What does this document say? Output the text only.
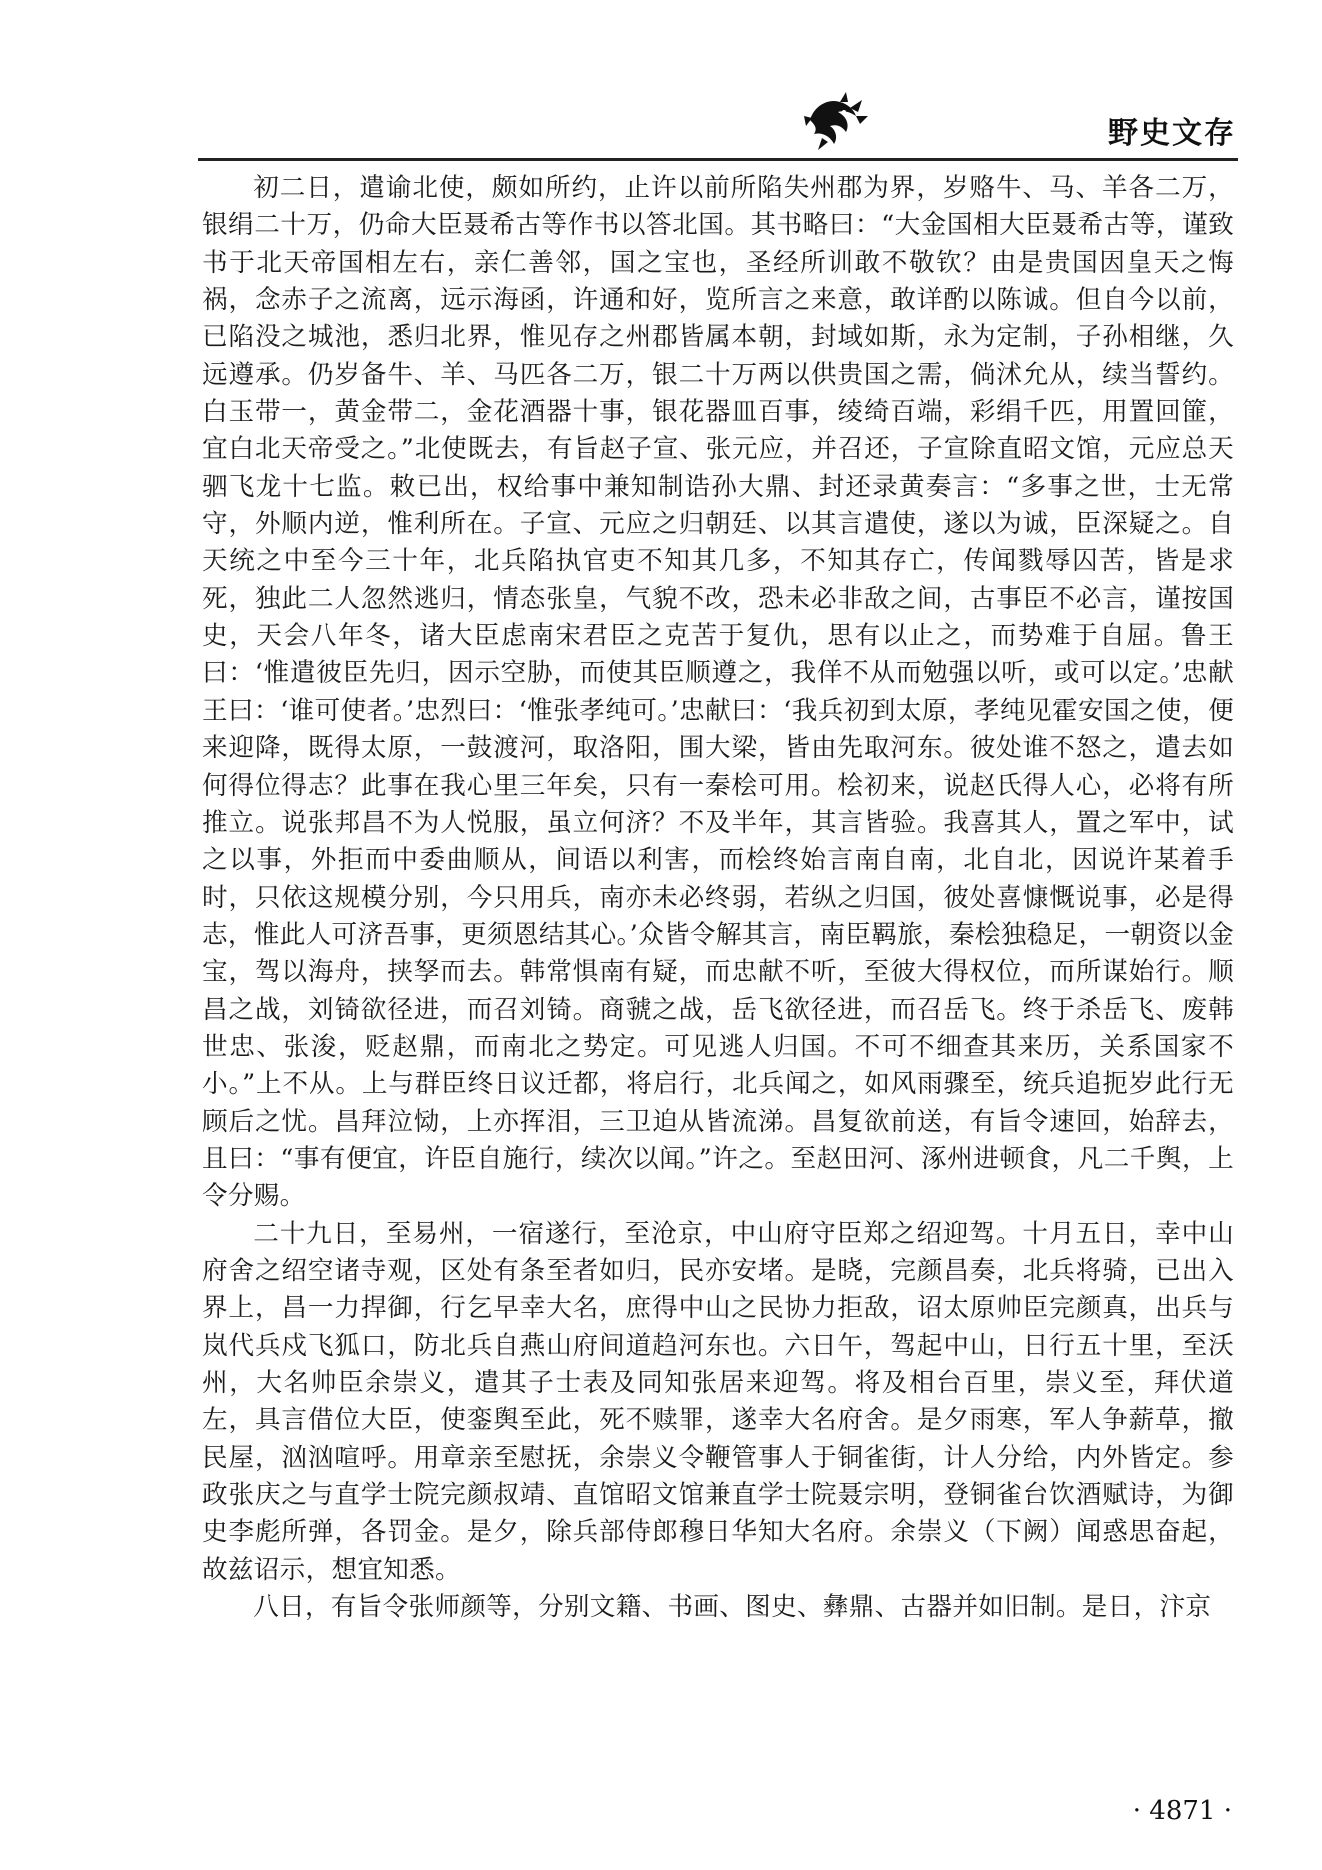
野史文存

初二日，遣谕北使，颇如所约，止许以前所陷失州郡为界，岁赂牛、马、羊各二万，银绢二十万，仍命大臣聂希古等作书以答北国。其书略曰：“大金国相大臣聂希古等，谨致书于北天帝国相左右，亲仁善邻，国之宝也，圣经所训敢不敬钦？由是贵国因皇天之悔祸，念赤子之流离，远示海函，许通和好，览所言之来意，敢详酌以陈诚。但自今以前，已陷没之城池，悉归北界，惟见存之州郡皆属本朝，封域如斯，永为定制，子孙相继，久远遵承。仍岁备牛、羊、马匹各二万，银二十万两以供贵国之需，倘沭允从，续当誓约。白玉带一，黄金带二，金花酒器十事，银花器皿百事，绫绮百端，彩绢千匹，用置回篚，宜白北天帝受之。”北使既去，有旨赵子宣、张元应，并召还，子宣除直昭文馆，元应总天驷飞龙十七监。敕已出，权给事中兼知制诰孙大鼎、封还录黄奏言：“多事之世，士无常守，外顺内逆，惟利所在。子宣、元应之归朝廷、以其言遣使，遂以为诚，臣深疑之。自天统之中至今三十年，北兵陷执官吏不知其几多，不知其存亡，传闻戮辱囚苦，皆是求死，独此二人忽然逃归，情态张皇，气貌不改，恐未必非敌之间，古事臣不必言，谨按国史，天会八年冬，诸大臣虑南宋君臣之克苦于复仇，思有以止之，而势难于自屈。鲁王曰：‘惟遣彼臣先归，因示空胁，而使其臣顺遵之，我佯不从而勉强以听，或可以定。’忠献王曰：‘谁可使者。’忠烈曰：‘惟张孝纯可。’忠献曰：‘我兵初到太原，孝纯见霍安国之使，便来迎降，既得太原，一鼓渡河，取洛阳，围大梁，皆由先取河东。彼处谁不怒之，遣去如何得位得志？此事在我心里三年矣，只有一秦桧可用。桧初来，说赵氏得人心，必将有所推立。说张邦昌不为人悦服，虽立何济？不及半年，其言皆验。我喜其人，置之军中，试之以事，外拒而中委曲顺从，间语以利害，而桧终始言南自南，北自北，因说许某着手时，只依这规模分别，今只用兵，南亦未必终弱，若纵之归国，彼处喜慷慨说事，必是得志，惟此人可济吾事，更须恩结其心。’众皆令解其言，南臣羁旅，秦桧独稳足，一朝资以金宝，驾以海舟，挟孥而去。韩常惧南有疑，而忠献不听，至彼大得权位，而所谋始行。顺昌之战，刘锜欲径进，而召刘锜。商虢之战，岳飞欲径进，而召岳飞。终于杀岳飞、废韩世忠、张浚，贬赵鼎，而南北之势定。可见逃人归国。不可不细查其来历，关系国家不小。”上不从。上与群臣终日议迁都，将启行，北兵闻之，如风雨骤至，统兵追扼岁此行无顾后之忧。昌拜泣恸，上亦挥泪，三卫迫从皆流涕。昌复欲前送，有旨令速回，始辞去，且曰：“事有便宜，许臣自施行，续次以闻。”许之。至赵田河、涿州进顿食，凡二千舆，上令分赐。

二十九日，至易州，一宿遂行，至沧京，中山府守臣郑之绍迎驾。十月五日，幸中山府舍之绍空诸寺观，区处有条至者如归，民亦安堵。是晓，完颜昌奏，北兵将骑，已出入界上，昌一力捍御，行乞早幸大名，庶得中山之民协力拒敌，诏太原帅臣完颜真，出兵与岚代兵戍飞狐口，防北兵自燕山府间道趋河东也。六日午，驾起中山，日行五十里，至沃州，大名帅臣余崇义，遣其子士表及同知张居来迎驾。将及相台百里，崇义至，拜伏道左，具言借位大臣，使銮舆至此，死不赎罪，遂幸大名府舍。是夕雨寒，军人争薪草，撤民屋，汹汹喧呼。用章亲至慰抚，余崇义令鞭管事人于铜雀街，计人分给，内外皆定。参政张庆之与直学士院完颜叔靖、直馆昭文馆兼直学士院聂宗明，登铜雀台饮酒赋诗，为御史李彪所弹，各罚金。是夕，除兵部侍郎穆日华知大名府。余崇义（下阙）闻惑思奋起，故兹诏示，想宜知悉。

八日，有旨令张师颜等，分别文籍、书画、图史、彝鼎、古器并如旧制。是日，汴京

· 4871 ·
